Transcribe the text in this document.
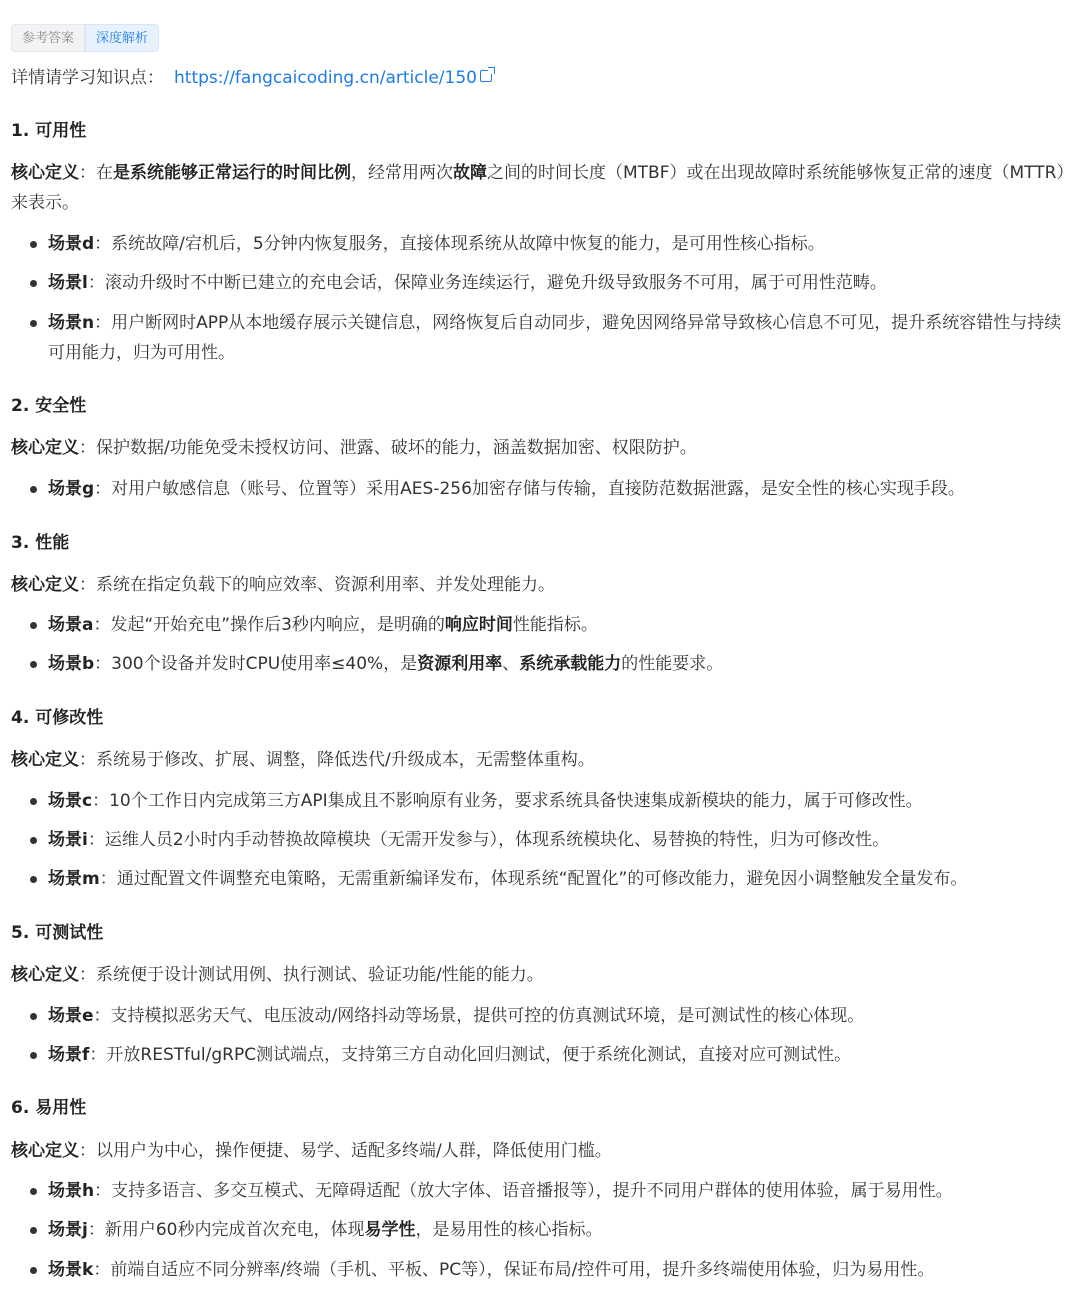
参考答案	深度解析
详情请学习知识点： https://fangcaicoding.cn/article/150
1. 可用性
核心定义：在是系统能够正常运行的时间比例，经常用两次故障之间的时间长度（MTBF）或在出现故障时系统能够恢复正常的速度（MTTR）来表示。
场景d：系统故障/宕机后，5分钟内恢复服务，直接体现系统从故障中恢复的能力，是可用性核心指标。
场景l：滚动升级时不中断已建立的充电会话，保障业务连续运行，避免升级导致服务不可用，属于可用性范畴。
场景n：用户断网时APP从本地缓存展示关键信息，网络恢复后自动同步，避免因网络异常导致核心信息不可见，提升系统容错性与持续可用能力，归为可用性。
2. 安全性
核心定义：保护数据/功能免受未授权访问、泄露、破坏的能力，涵盖数据加密、权限防护。
场景g：对用户敏感信息（账号、位置等）采用AES-256加密存储与传输，直接防范数据泄露，是安全性的核心实现手段。
3. 性能
核心定义：系统在指定负载下的响应效率、资源利用率、并发处理能力。
场景a：发起“开始充电”操作后3秒内响应，是明确的响应时间性能指标。
场景b：300个设备并发时CPU使用率≤40%，是资源利用率、系统承载能力的性能要求。
4. 可修改性
核心定义：系统易于修改、扩展、调整，降低迭代/升级成本，无需整体重构。
场景c：10个工作日内完成第三方API集成且不影响原有业务，要求系统具备快速集成新模块的能力，属于可修改性。
场景i：运维人员2小时内手动替换故障模块（无需开发参与），体现系统模块化、易替换的特性，归为可修改性。
场景m：通过配置文件调整充电策略，无需重新编译发布，体现系统“配置化”的可修改能力，避免因小调整触发全量发布。
5. 可测试性
核心定义：系统便于设计测试用例、执行测试、验证功能/性能的能力。
场景e：支持模拟恶劣天气、电压波动/网络抖动等场景，提供可控的仿真测试环境，是可测试性的核心体现。
场景f：开放RESTful/gRPC测试端点，支持第三方自动化回归测试，便于系统化测试，直接对应可测试性。
6. 易用性
核心定义：以用户为中心，操作便捷、易学、适配多终端/人群，降低使用门槛。
场景h：支持多语言、多交互模式、无障碍适配（放大字体、语音播报等），提升不同用户群体的使用体验，属于易用性。
场景j：新用户60秒内完成首次充电，体现易学性，是易用性的核心指标。
场景k：前端自适应不同分辨率/终端（手机、平板、PC等），保证布局/控件可用，提升多终端使用体验，归为易用性。
